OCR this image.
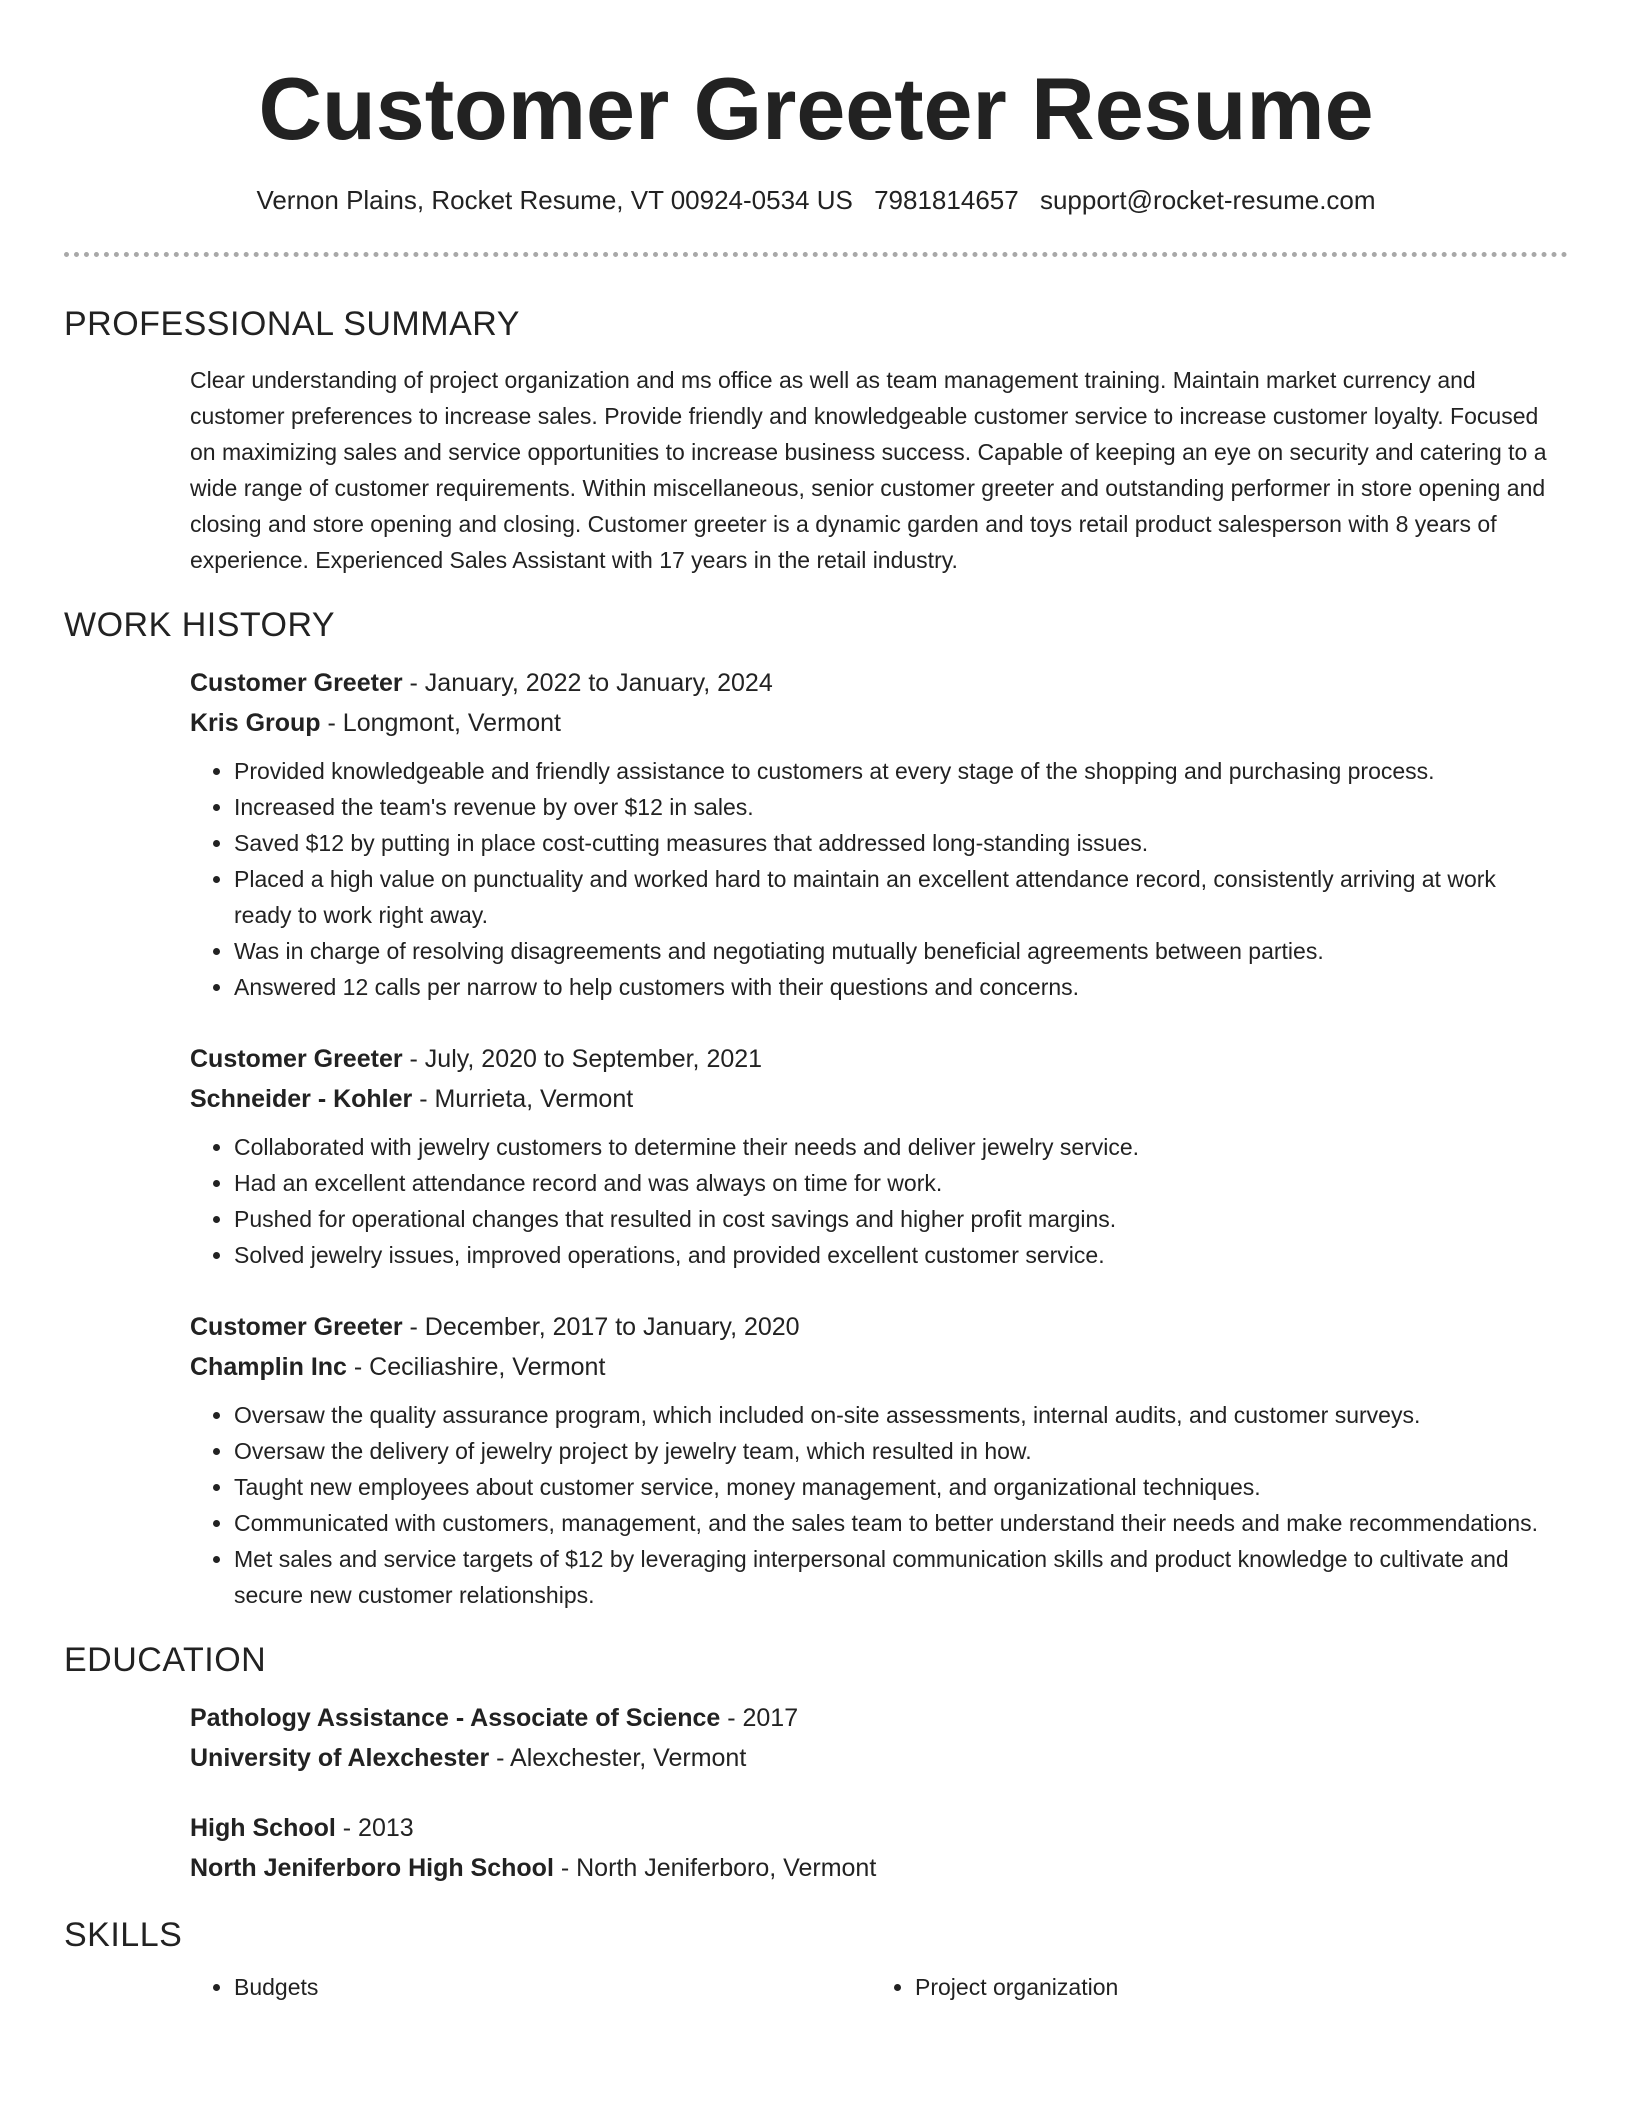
Customer Greeter Resume
Vernon Plains, Rocket Resume, VT 00924-0534 US 7981814657 support@rocket-resume.com
PROFESSIONAL SUMMARY
Clear understanding of project organization and ms office as well as team management training. Maintain market currency and customer preferences to increase sales. Provide friendly and knowledgeable customer service to increase customer loyalty. Focused on maximizing sales and service opportunities to increase business success. Capable of keeping an eye on security and catering to a wide range of customer requirements. Within miscellaneous, senior customer greeter and outstanding performer in store opening and closing and store opening and closing. Customer greeter is a dynamic garden and toys retail product salesperson with 8 years of experience. Experienced Sales Assistant with 17 years in the retail industry.
WORK HISTORY
Customer Greeter - January, 2022 to January, 2024
Kris Group - Longmont, Vermont
• Provided knowledgeable and friendly assistance to customers at every stage of the shopping and purchasing process.
• Increased the team's revenue by over $12 in sales.
• Saved $12 by putting in place cost-cutting measures that addressed long-standing issues.
• Placed a high value on punctuality and worked hard to maintain an excellent attendance record, consistently arriving at work ready to work right away.
• Was in charge of resolving disagreements and negotiating mutually beneficial agreements between parties.
• Answered 12 calls per narrow to help customers with their questions and concerns.
Customer Greeter - July, 2020 to September, 2021
Schneider - Kohler - Murrieta, Vermont
• Collaborated with jewelry customers to determine their needs and deliver jewelry service.
• Had an excellent attendance record and was always on time for work.
• Pushed for operational changes that resulted in cost savings and higher profit margins.
• Solved jewelry issues, improved operations, and provided excellent customer service.
Customer Greeter - December, 2017 to January, 2020
Champlin Inc - Ceciliashire, Vermont
• Oversaw the quality assurance program, which included on-site assessments, internal audits, and customer surveys.
• Oversaw the delivery of jewelry project by jewelry team, which resulted in how.
• Taught new employees about customer service, money management, and organizational techniques.
• Communicated with customers, management, and the sales team to better understand their needs and make recommendations.
• Met sales and service targets of $12 by leveraging interpersonal communication skills and product knowledge to cultivate and secure new customer relationships.
EDUCATION
Pathology Assistance - Associate of Science - 2017
University of Alexchester - Alexchester, Vermont
High School - 2013
North Jeniferboro High School - North Jeniferboro, Vermont
SKILLS
• Budgets
•	Project organization
